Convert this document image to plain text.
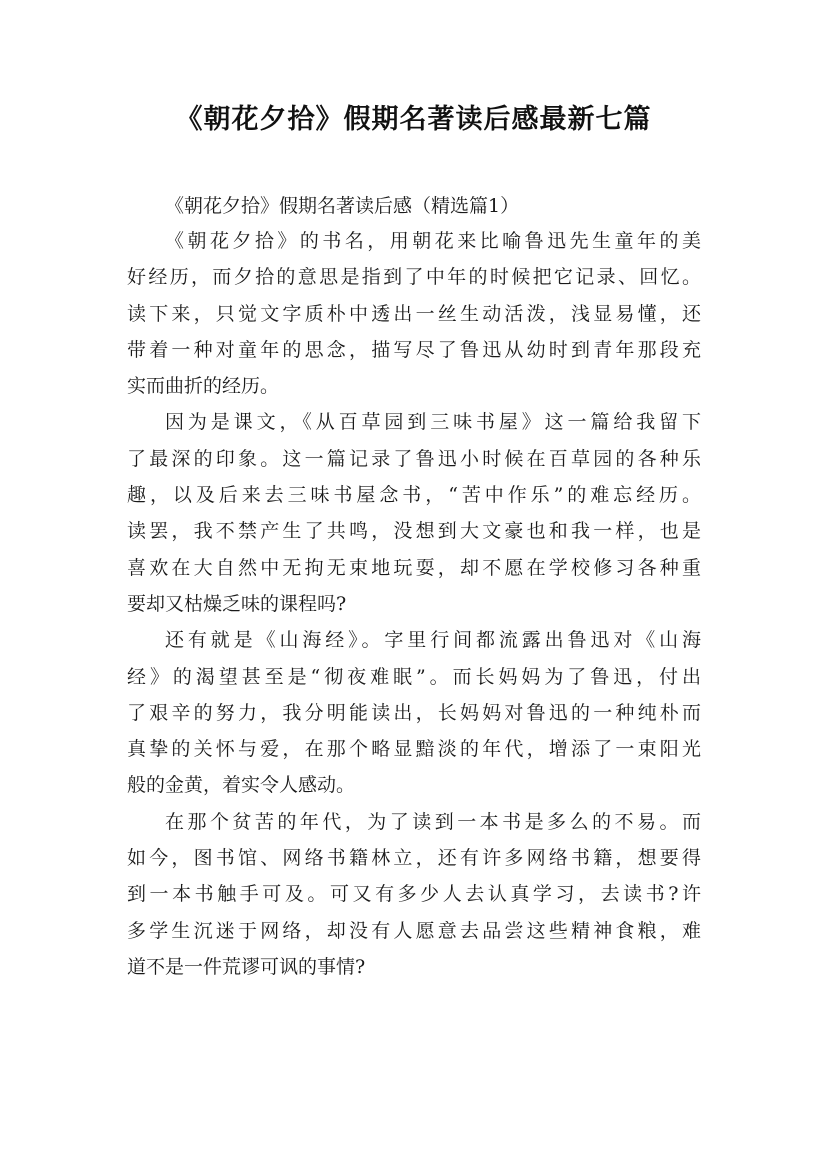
《朝花夕拾》假期名著读后感最新七篇

《朝花夕拾》假期名著读后感（精选篇1）

《朝花夕拾》的书名，用朝花来比喻鲁迅先生童年的美
好经历，而夕拾的意思是指到了中年的时候把它记录、回忆。
读下来，只觉文字质朴中透出一丝生动活泼，浅显易懂，还
带着一种对童年的思念，描写尽了鲁迅从幼时到青年那段充
实而曲折的经历。
因为是课文，《从百草园到三味书屋》这一篇给我留下
了最深的印象。这一篇记录了鲁迅小时候在百草园的各种乐
趣，以及后来去三味书屋念书，“苦中作乐”的难忘经历。
读罢，我不禁产生了共鸣，没想到大文豪也和我一样，也是
喜欢在大自然中无拘无束地玩耍，却不愿在学校修习各种重
要却又枯燥乏味的课程吗?
还有就是《山海经》。字里行间都流露出鲁迅对《山海
经》的渴望甚至是“彻夜难眠”。而长妈妈为了鲁迅，付出
了艰辛的努力，我分明能读出，长妈妈对鲁迅的一种纯朴而
真挚的关怀与爱，在那个略显黯淡的年代，增添了一束阳光
般的金黄，着实令人感动。
在那个贫苦的年代，为了读到一本书是多么的不易。而
如今，图书馆、网络书籍林立，还有许多网络书籍，想要得
到一本书触手可及。可又有多少人去认真学习，去读书?许
多学生沉迷于网络，却没有人愿意去品尝这些精神食粮，难
道不是一件荒谬可讽的事情?
